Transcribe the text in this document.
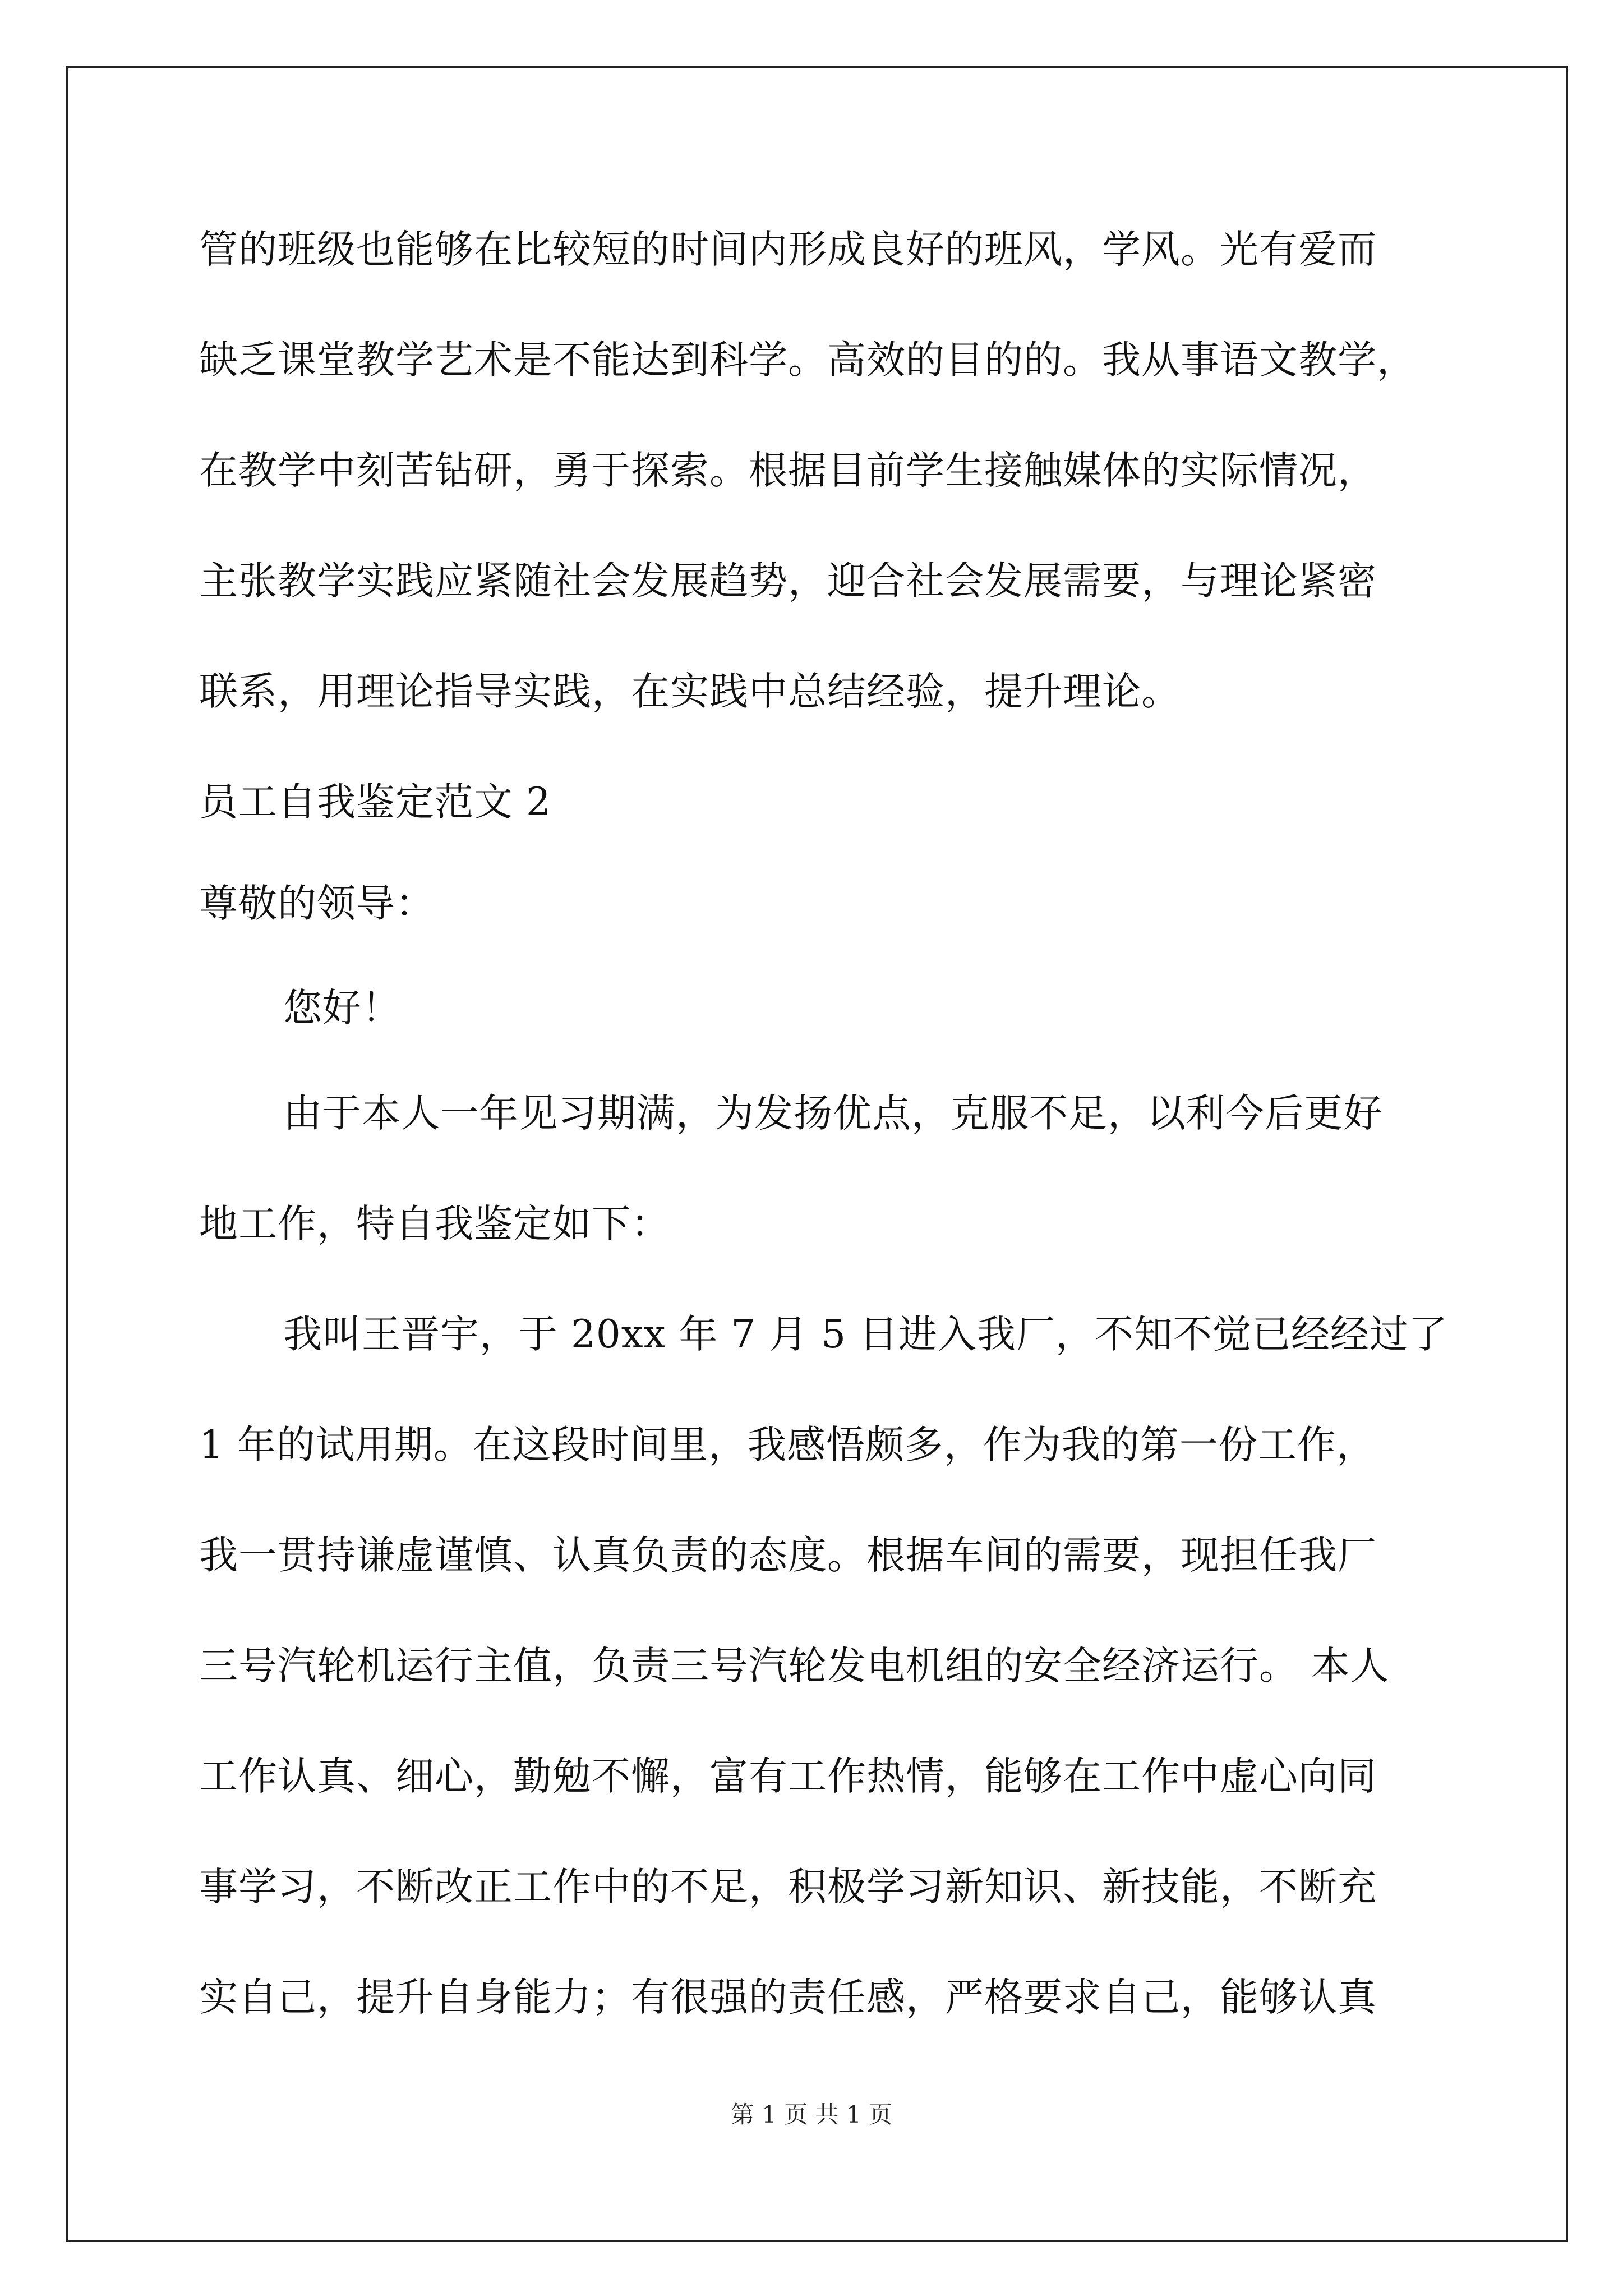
管的班级也能够在比较短的时间内形成良好的班风，学风。光有爱而
缺乏课堂教学艺术是不能达到科学。高效的目的的。我从事语文教学，
在教学中刻苦钻研，勇于探索。根据目前学生接触媒体的实际情况，
主张教学实践应紧随社会发展趋势，迎合社会发展需要，与理论紧密
联系，用理论指导实践，在实践中总结经验，提升理论。
员工自我鉴定范文 2
尊敬的领导：
您好！
由于本人一年见习期满，为发扬优点，克服不足，以利今后更好
地工作，特自我鉴定如下：
我叫王晋宇，于 20xx 年 7 月 5 日进入我厂，不知不觉已经经过了
1 年的试用期。在这段时间里，我感悟颇多，作为我的第一份工作，
我一贯持谦虚谨慎、认真负责的态度。根据车间的需要，现担任我厂
三号汽轮机运行主值，负责三号汽轮发电机组的安全经济运行。 本人
工作认真、细心，勤勉不懈，富有工作热情，能够在工作中虚心向同
事学习，不断改正工作中的不足，积极学习新知识、新技能，不断充
实自己，提升自身能力；有很强的责任感，严格要求自己，能够认真
第 1 页 共 1 页
